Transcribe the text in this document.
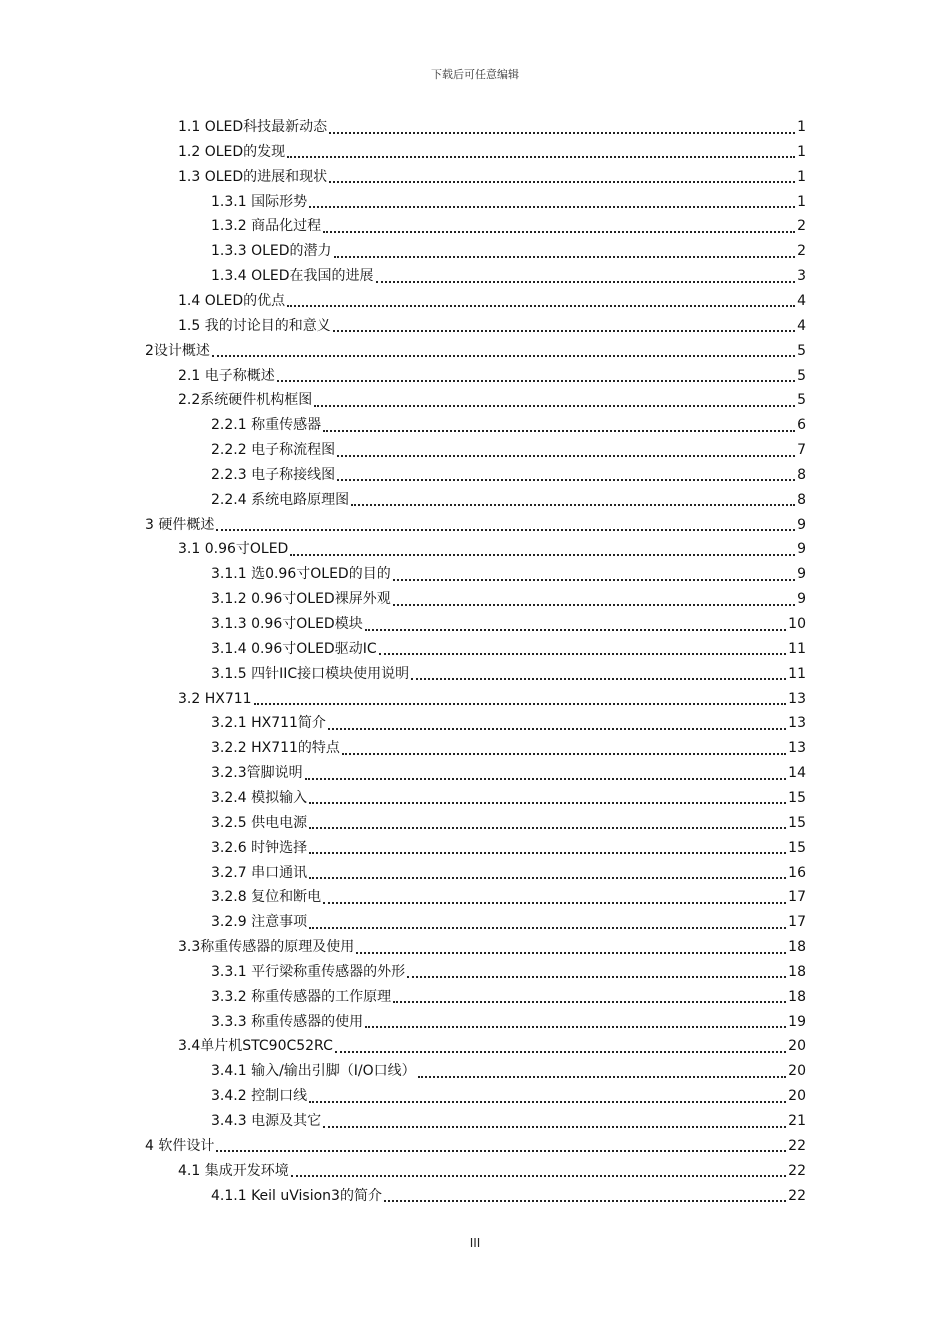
下载后可任意编辑
1.1 OLED科技最新动态	1
1.2 OLED的发现	1
1.3 OLED的进展和现状	1
1.3.1 国际形势	1
1.3.2 商品化过程	2
1.3.3 OLED的潜力	2
1.3.4 OLED在我国的进展	3
1.4 OLED的优点	4
1.5 我的讨论目的和意义	4
2设计概述	5
2.1 电子称概述	5
2.2系统硬件机构框图	5
2.2.1 称重传感器	6
2.2.2 电子称流程图	7
2.2.3 电子称接线图	8
2.2.4 系统电路原理图	8
3 硬件概述	9
3.1 0.96寸OLED	9
3.1.1 选0.96寸OLED的目的	9
3.1.2 0.96寸OLED裸屏外观	9
3.1.3 0.96寸OLED模块	10
3.1.4 0.96寸OLED驱动IC	11
3.1.5 四针IIC接口模块使用说明	11
3.2 HX711	13
3.2.1 HX711简介	13
3.2.2 HX711的特点	13
3.2.3管脚说明	14
3.2.4 模拟输入	15
3.2.5 供电电源	15
3.2.6 时钟选择	15
3.2.7 串口通讯	16
3.2.8 复位和断电	17
3.2.9 注意事项	17
3.3称重传感器的原理及使用	18
3.3.1 平行梁称重传感器的外形	18
3.3.2 称重传感器的工作原理	18
3.3.3 称重传感器的使用	19
3.4单片机STC90C52RC	20
3.4.1 输入/输出引脚（I/O口线）	20
3.4.2 控制口线	20
3.4.3 电源及其它	21
4 软件设计	22
4.1 集成开发环境	22
4.1.1 Keil uVision3的简介	22
III
